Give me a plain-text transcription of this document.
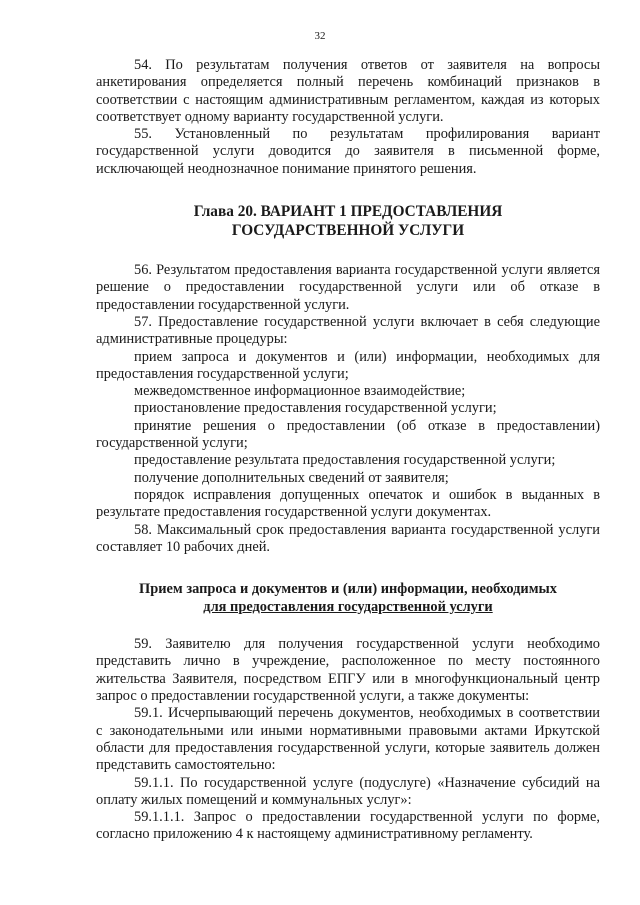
32

54. По результатам получения ответов от заявителя на вопросы анкетирования определяется полный перечень комбинаций признаков в соответствии с настоящим административным регламентом, каждая из которых соответствует одному варианту государственной услуги.

55. Установленный по результатам профилирования вариант государственной услуги доводится до заявителя в письменной форме, исключающей неоднозначное понимание принятого решения.

Глава 20. ВАРИАНТ 1 ПРЕДОСТАВЛЕНИЯ
ГОСУДАРСТВЕННОЙ УСЛУГИ

56. Результатом предоставления варианта государственной услуги является решение о предоставлении государственной услуги или об отказе в предоставлении государственной услуги.

57. Предоставление государственной услуги включает в себя следующие административные процедуры:

прием запроса и документов и (или) информации, необходимых для предоставления государственной услуги;

межведомственное информационное взаимодействие;

приостановление предоставления государственной услуги;

принятие решения о предоставлении (об отказе в предоставлении) государственной услуги;

предоставление результата предоставления государственной услуги;

получение дополнительных сведений от заявителя;

порядок исправления допущенных опечаток и ошибок в выданных в результате предоставления государственной услуги документах.

58. Максимальный срок предоставления варианта государственной услуги составляет 10 рабочих дней.

Прием запроса и документов и (или) информации, необходимых
для предоставления государственной услуги

59. Заявителю для получения государственной услуги необходимо представить лично в учреждение, расположенное по месту постоянного жительства Заявителя, посредством ЕПГУ или в многофункциональный центр запрос о предоставлении государственной услуги, а также документы:

59.1. Исчерпывающий перечень документов, необходимых в соответствии с законодательными или иными нормативными правовыми актами Иркутской области для предоставления государственной услуги, которые заявитель должен представить самостоятельно:

59.1.1. По государственной услуге (подуслуге) «Назначение субсидий на оплату жилых помещений и коммунальных услуг»:

59.1.1.1. Запрос о предоставлении государственной услуги по форме, согласно приложению 4 к настоящему административному регламенту.
